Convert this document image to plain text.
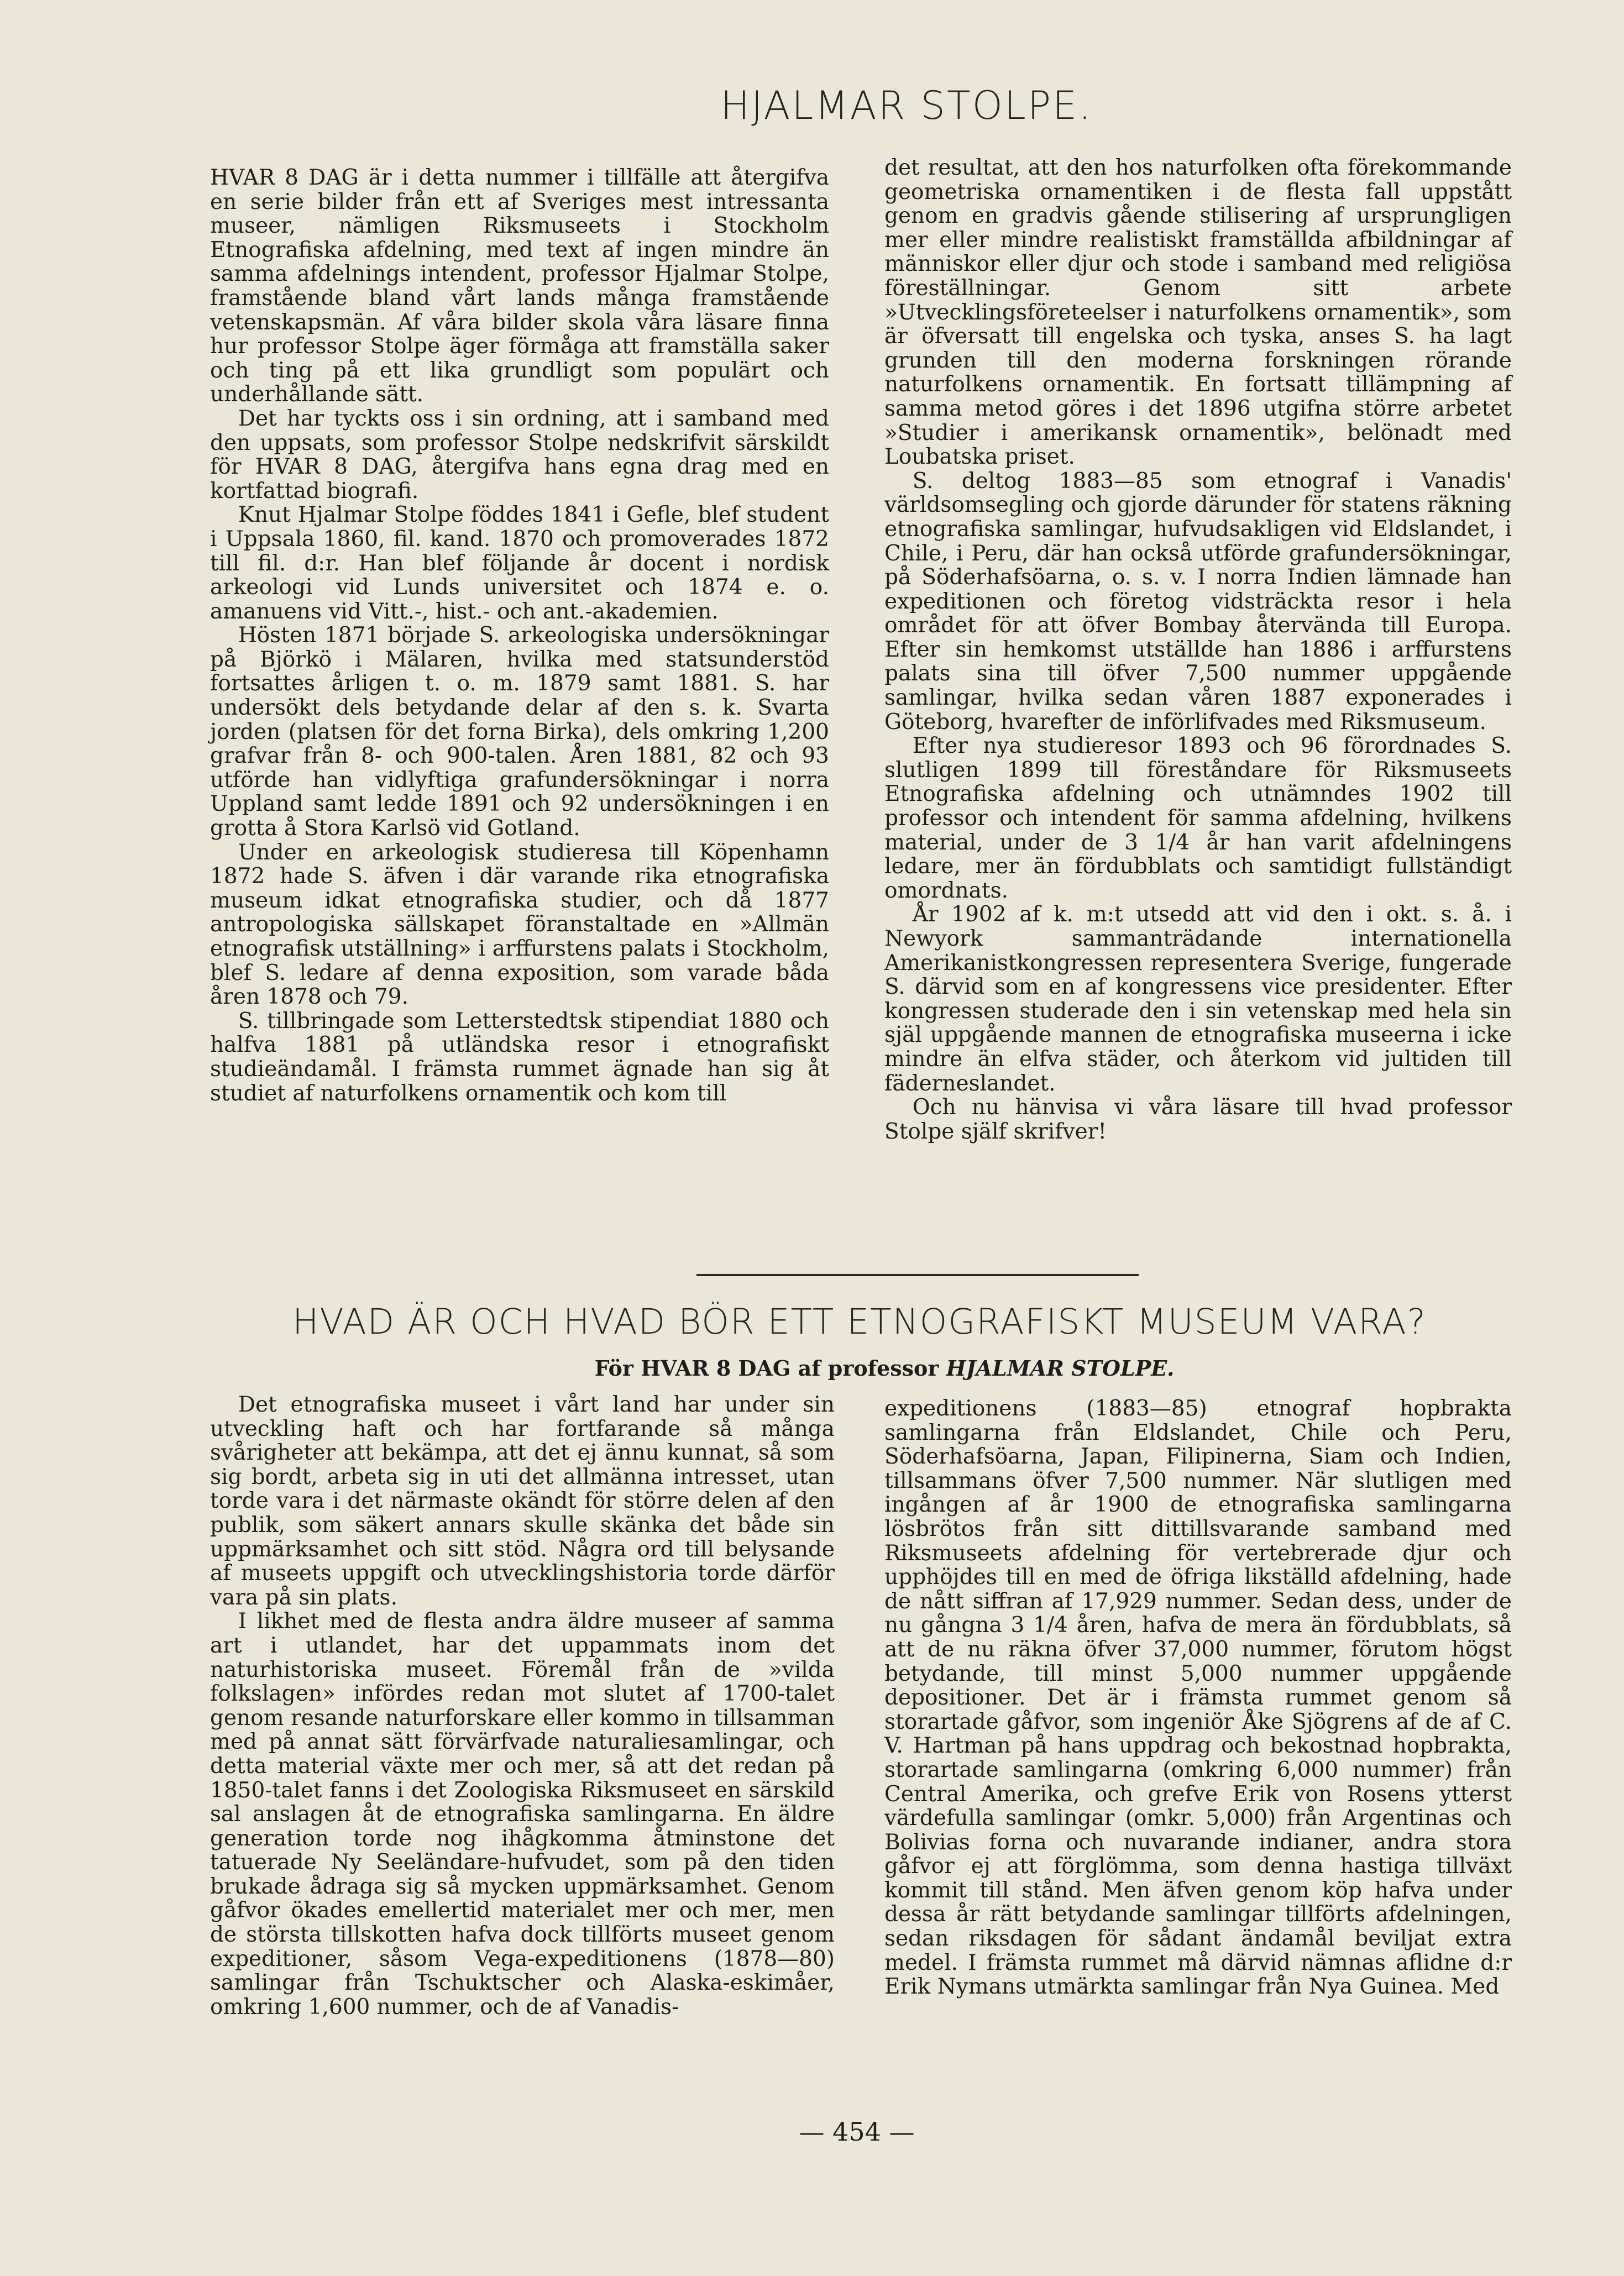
HJALMAR STOLPE.

HVAR 8 DAG är i detta nummer i tillfälle att återgifva en serie bilder från ett af Sveriges mest intressanta museer, nämligen Riksmuseets i Stockholm Etnografiska afdelning, med text af ingen mindre än samma afdelnings intendent, professor Hjalmar Stolpe, framstående bland vårt lands många framstående vetenskapsmän. Af våra bilder skola våra läsare finna hur professor Stolpe äger förmåga att framställa saker och ting på ett lika grundligt som populärt och underhållande sätt.

Det har tyckts oss i sin ordning, att i samband med den uppsats, som professor Stolpe nedskrifvit särskildt för HVAR 8 DAG, återgifva hans egna drag med en kortfattad biografi.

Knut Hjalmar Stolpe föddes 1841 i Gefle, blef student i Uppsala 1860, fil. kand. 1870 och promoverades 1872 till fil. d:r. Han blef följande år docent i nordisk arkeologi vid Lunds universitet och 1874 e. o. amanuens vid Vitt.-, hist.- och ant.-akademien.

Hösten 1871 började S. arkeologiska undersökningar på Björkö i Mälaren, hvilka med statsunderstöd fortsattes årligen t. o. m. 1879 samt 1881. S. har undersökt dels betydande delar af den s. k. Svarta jorden (platsen för det forna Birka), dels omkring 1,200 grafvar från 8- och 900-talen. Åren 1881, 82 och 93 utförde han vidlyftiga grafundersökningar i norra Uppland samt ledde 1891 och 92 undersökningen i en grotta å Stora Karlsö vid Gotland.

Under en arkeologisk studieresa till Köpenhamn 1872 hade S. äfven i där varande rika etnografiska museum idkat etnografiska studier, och då 1877 antropologiska sällskapet föranstaltade en »Allmän etnografisk utställning» i arffurstens palats i Stockholm, blef S. ledare af denna exposition, som varade båda åren 1878 och 79.

S. tillbringade som Letterstedtsk stipendiat 1880 och halfva 1881 på utländska resor i etnografiskt studieändamål. I främsta rummet ägnade han sig åt studiet af naturfolkens ornamentik och kom till

det resultat, att den hos naturfolken ofta förekommande geometriska ornamentiken i de flesta fall uppstått genom en gradvis gående stilisering af ursprungligen mer eller mindre realistiskt framställda afbildningar af människor eller djur och stode i samband med religiösa föreställningar. Genom sitt arbete »Utvecklingsföreteelser i naturfolkens ornamentik», som är öfversatt till engelska och tyska, anses S. ha lagt grunden till den moderna forskningen rörande naturfolkens ornamentik. En fortsatt tillämpning af samma metod göres i det 1896 utgifna större arbetet »Studier i amerikansk ornamentik», belönadt med Loubatska priset.

S. deltog 1883—85 som etnograf i Vanadis' världsomsegling och gjorde därunder för statens räkning etnografiska samlingar, hufvudsakligen vid Eldslandet, i Chile, i Peru, där han också utförde grafundersökningar, på Söderhafsöarna, o. s. v. I norra Indien lämnade han expeditionen och företog vidsträckta resor i hela området för att öfver Bombay återvända till Europa. Efter sin hemkomst utställde han 1886 i arffurstens palats sina till öfver 7,500 nummer uppgående samlingar, hvilka sedan våren 1887 exponerades i Göteborg, hvarefter de införlifvades med Riksmuseum.

Efter nya studieresor 1893 och 96 förordnades S. slutligen 1899 till föreståndare för Riksmuseets Etnografiska afdelning och utnämndes 1902 till professor och intendent för samma afdelning, hvilkens material, under de 3 1/4 år han varit afdelningens ledare, mer än fördubblats och samtidigt fullständigt omordnats.

År 1902 af k. m:t utsedd att vid den i okt. s. å. i Newyork sammanträdande internationella Amerikanistkongressen representera Sverige, fungerade S. därvid som en af kongressens vice presidenter. Efter kongressen studerade den i sin vetenskap med hela sin själ uppgående mannen de etnografiska museerna i icke mindre än elfva städer, och återkom vid jultiden till fäderneslandet.

Och nu hänvisa vi våra läsare till hvad professor Stolpe själf skrifver!

HVAD ÄR OCH HVAD BÖR ETT ETNOGRAFISKT MUSEUM VARA?
För HVAR 8 DAG af professor HJALMAR STOLPE.

Det etnografiska museet i vårt land har under sin utveckling haft och har fortfarande så många svårigheter att bekämpa, att det ej ännu kunnat, så som sig bordt, arbeta sig in uti det allmänna intresset, utan torde vara i det närmaste okändt för större delen af den publik, som säkert annars skulle skänka det både sin uppmärksamhet och sitt stöd. Några ord till belysande af museets uppgift och utvecklingshistoria torde därför vara på sin plats.

I likhet med de flesta andra äldre museer af samma art i utlandet, har det uppammats inom det naturhistoriska museet. Föremål från de »vilda folkslagen» infördes redan mot slutet af 1700-talet genom resande naturforskare eller kommo in tillsamman med på annat sätt förvärfvade naturaliesamlingar, och detta material växte mer och mer, så att det redan på 1850-talet fanns i det Zoologiska Riksmuseet en särskild sal anslagen åt de etnografiska samlingarna. En äldre generation torde nog ihågkomma åtminstone det tatuerade Ny Seeländare-hufvudet, som på den tiden brukade ådraga sig så mycken uppmärksamhet. Genom gåfvor ökades emellertid materialet mer och mer, men de största tillskotten hafva dock tillförts museet genom expeditioner, såsom Vega-expeditionens (1878—80) samlingar från Tschuktscher och Alaska-eskimåer, omkring 1,600 nummer, och de af Vanadis-

expeditionens (1883—85) etnograf hopbrakta samlingarna från Eldslandet, Chile och Peru, Söderhafsöarna, Japan, Filipinerna, Siam och Indien, tillsammans öfver 7,500 nummer. När slutligen med ingången af år 1900 de etnografiska samlingarna lösbrötos från sitt dittillsvarande samband med Riksmuseets afdelning för vertebrerade djur och upphöjdes till en med de öfriga likställd afdelning, hade de nått siffran af 17,929 nummer. Sedan dess, under de nu gångna 3 1/4 åren, hafva de mera än fördubblats, så att de nu räkna öfver 37,000 nummer, förutom högst betydande, till minst 5,000 nummer uppgående depositioner. Det är i främsta rummet genom så storartade gåfvor, som ingeniör Åke Sjögrens af de af C. V. Hartman på hans uppdrag och bekostnad hopbrakta, storartade samlingarna (omkring 6,000 nummer) från Central Amerika, och grefve Erik von Rosens ytterst värdefulla samlingar (omkr. 5,000) från Argentinas och Bolivias forna och nuvarande indianer, andra stora gåfvor ej att förglömma, som denna hastiga tillväxt kommit till stånd. Men äfven genom köp hafva under dessa år rätt betydande samlingar tillförts afdelningen, sedan riksdagen för sådant ändamål beviljat extra medel. I främsta rummet må därvid nämnas aflidne d:r Erik Nymans utmärkta samlingar från Nya Guinea. Med

— 454 —
